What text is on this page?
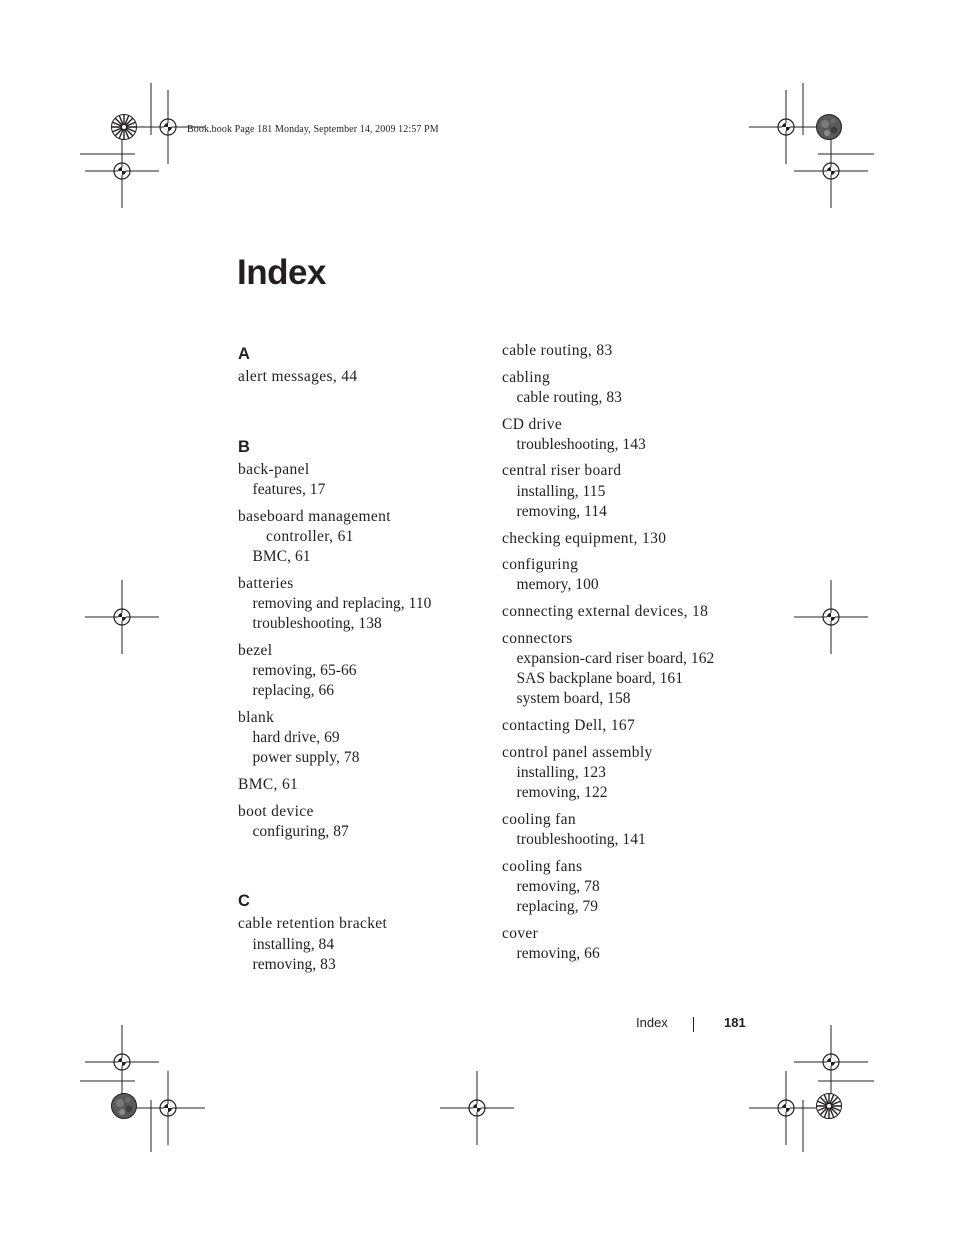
Book.book Page 181 Monday, September 14, 2009 12:57 PM
Index
A
alert messages, 44
B
back-panel
features, 17
baseboard management
controller, 61
BMC, 61
batteries
removing and replacing, 110
troubleshooting, 138
bezel
removing, 65-66
replacing, 66
blank
hard drive, 69
power supply, 78
BMC, 61
boot device
configuring, 87
C
cable retention bracket
installing, 84
removing, 83
cable routing, 83
cabling
cable routing, 83
CD drive
troubleshooting, 143
central riser board
installing, 115
removing, 114
checking equipment, 130
configuring
memory, 100
connecting external devices, 18
connectors
expansion-card riser board, 162
SAS backplane board, 161
system board, 158
contacting Dell, 167
control panel assembly
installing, 123
removing, 122
cooling fan
troubleshooting, 141
cooling fans
removing, 78
replacing, 79
cover
removing, 66
Index	181
